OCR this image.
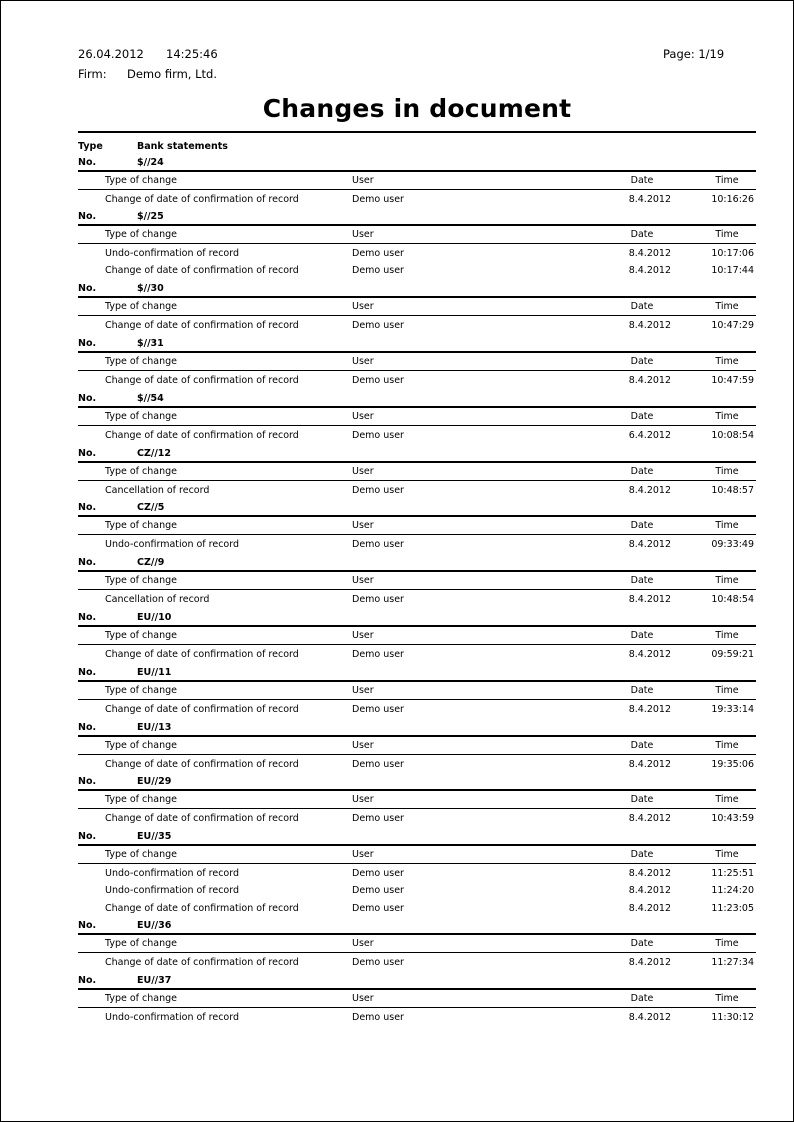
26.04.2012 14:25:46	Page: 1/19
Firm: Demo firm, Ltd.
Changes in document
Type	Bank statements
No.	$//24
Type of change	User	Date	Time
Change of date of confirmation of record	Demo user	8.4.2012	10:16:26
No.	$//25
Type of change	User	Date	Time
Undo-confirmation of record	Demo user	8.4.2012	10:17:06
Change of date of confirmation of record	Demo user	8.4.2012	10:17:44
No.	$//30
Type of change	User	Date	Time
Change of date of confirmation of record	Demo user	8.4.2012	10:47:29
No.	$//31
Type of change	User	Date	Time
Change of date of confirmation of record	Demo user	8.4.2012	10:47:59
No.	$//54
Type of change	User	Date	Time
Change of date of confirmation of record	Demo user	6.4.2012	10:08:54
No.	CZ//12
Type of change	User	Date	Time
Cancellation of record	Demo user	8.4.2012	10:48:57
No.	CZ//5
Type of change	User	Date	Time
Undo-confirmation of record	Demo user	8.4.2012	09:33:49
No.	CZ//9
Type of change	User	Date	Time
Cancellation of record	Demo user	8.4.2012	10:48:54
No.	EU//10
Type of change	User	Date	Time
Change of date of confirmation of record	Demo user	8.4.2012	09:59:21
No.	EU//11
Type of change	User	Date	Time
Change of date of confirmation of record	Demo user	8.4.2012	19:33:14
No.	EU//13
Type of change	User	Date	Time
Change of date of confirmation of record	Demo user	8.4.2012	19:35:06
No.	EU//29
Type of change	User	Date	Time
Change of date of confirmation of record	Demo user	8.4.2012	10:43:59
No.	EU//35
Type of change	User	Date	Time
Undo-confirmation of record	Demo user	8.4.2012	11:25:51
Undo-confirmation of record	Demo user	8.4.2012	11:24:20
Change of date of confirmation of record	Demo user	8.4.2012	11:23:05
No.	EU//36
Type of change	User	Date	Time
Change of date of confirmation of record	Demo user	8.4.2012	11:27:34
No.	EU//37
Type of change	User	Date	Time
Undo-confirmation of record	Demo user	8.4.2012	11:30:12
